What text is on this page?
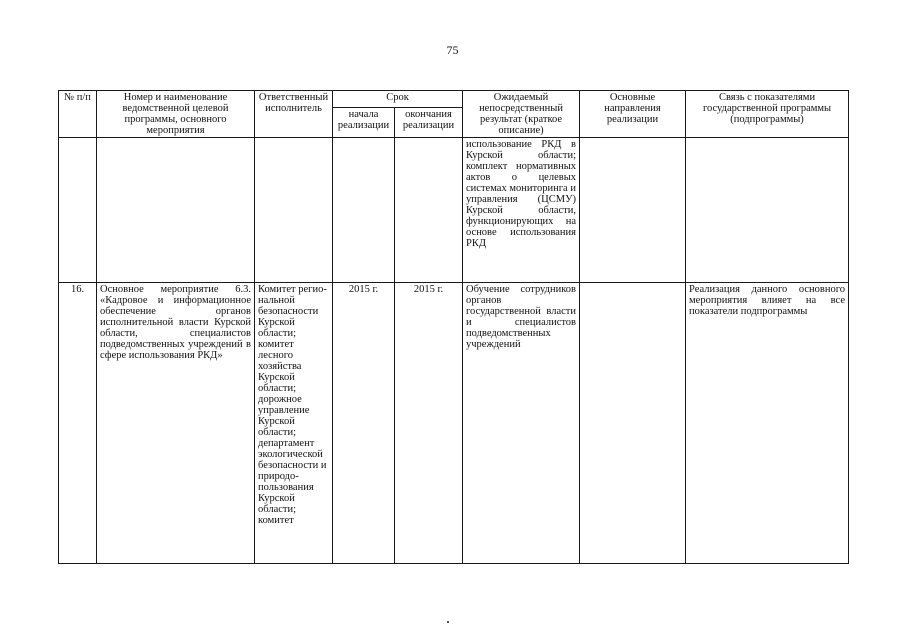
75
№ п/п	Номер и наименование ведомственной целевой программы, основного мероприятия	Ответственный исполнитель	Срок		Ожидаемый непосредственный результат (краткое описание)	Основные направления реализации	Связь с показателями государственной программы (подпрограммы)
			начала реализации	окончания реализации			
					использование РКД в Курской области; комплект нормативных актов о целевых системах мониторинга и управления (ЦСМУ) Курской области, функционирующих на основе использования РКД		
16.	Основное мероприятие 6.3. «Кадровое и информационное обеспечение органов исполнительной власти Курской области, специалистов подведомственных учреждений в сфере использования РКД»	Комитет региональной безопасности Курской области; комитет лесного хозяйства Курской области; дорожное управление Курской области; департамент экологической безопасности и природопользования Курской области; комитет	2015 г.	2015 г.	Обучение сотрудников органов государственной власти и специалистов подведомственных учреждений		Реализация данного основного мероприятия влияет на все показатели подпрограммы
